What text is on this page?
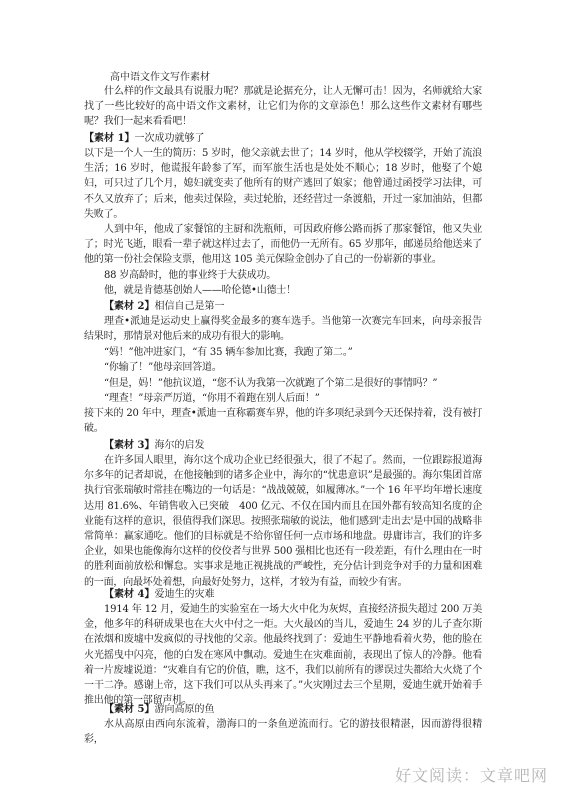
高中语文作文写作素材
什么样的作文最具有说服力呢？那就是论据充分，让人无懈可击！因为，名师就给大家找了一些比较好的高中语文作文素材，让它们为你的文章添色！那么这些作文素材有哪些呢？我们一起来看看吧！
【素材 1】一次成功就够了
以下是一个人一生的简历：5 岁时，他父亲就去世了；14 岁时，他从学校辍学，开始了流浪生活；16 岁时，他谎报年龄参了军，而军旅生活也是处处不顺心；18 岁时，他娶了个媳妇，可只过了几个月，媳妇就变卖了他所有的财产逃回了娘家；他曾通过函授学习法律，可不久又放弃了；后来，他卖过保险，卖过轮胎，还经营过一条渡船，开过一家加油站，但都失败了。
人到中年，他成了家餐馆的主厨和洗瓶师，可因政府修公路而拆了那家餐馆，他又失业了；时光飞逝，眼看一辈子就这样过去了，而他仍一无所有。65 岁那年，邮递员给他送来了他的第一份社会保险支票，他用这 105 美元保险金创办了自己的一份崭新的事业。
88 岁高龄时，他的事业终于大获成功。
他，就是肯德基创始人——哈伦德•山德士！
【素材 2】相信自己是第一
理查•派迪是运动史上赢得奖金最多的赛车选手。当他第一次赛完车回来，向母亲报告结果时，那情景对他后来的成功有很大的影响。
“妈！”他冲进家门，“有 35 辆车参加比赛，我跑了第二。”
“你输了！”他母亲回答道。
“但是，妈！”他抗议道，“您不认为我第一次就跑了个第二是很好的事情吗？”
“理查！”母亲严厉道，“你用不着跑在别人后面！”
接下来的 20 年中，理查•派迪一直称霸赛车界，他的许多项纪录到今天还保持着，没有被打破。
【素材 3】海尔的启发
在许多国人眼里，海尔这个成功企业已经很强大，很了不起了。然而，一位跟踪报道海尔多年的记者却说，在他接触到的诸多企业中，海尔的“忧患意识”是最强的。海尔集团首席执行官张瑞敏时常挂在嘴边的一句话是：“战战兢兢，如履薄冰。”一个 16 年平均年增长速度达用 81.6%、年销售收入已突破　400 亿元、不仅在国内而且在国外都有较高知名度的企业能有这样的意识，很值得我们深思。按照张瑞敏的说法，他们感到'走出去'是中国的战略非常简单：赢家通吃。他们的目标就是不给你留任何一点市场和地盘。毋庸讳言，我们的许多企业，如果也能像海尔这样的佼佼者与世界 500 强相比也还有一段差距，有什么理由在一时的胜利面前放松和懈怠。实事求是地正视挑战的严峻性，充分估计到竞争对手的力量和困难的一面，向最坏处着想，向最好处努力，这样，才较为有益，而较少有害。
【素材 4】爱迪生的灾难
1914 年 12 月，爱迪生的实验室在一场大火中化为灰烬，直接经济损失超过 200 万美金，他多年的科研成果也在大火中付之一炬。大火最凶的当儿，爱迪生 24 岁的儿子查尔斯在浓烟和废墟中发疯似的寻找他的父亲。他最终找到了：爱迪生平静地看着火势，他的脸在火光摇曳中闪亮，他的白发在寒风中飘动。爱迪生在灾难面前，表现出了惊人的冷静。他看着一片废墟说道：“灾难自有它的价值，瞧，这不，我们以前所有的谬误过失都给大火烧了个一干二净。感谢上帝，这下我们可以从头再来了。”火灾刚过去三个星期，爱迪生就开始着手推出他的第一部留声机。
【素材 5】游向高原的鱼
水从高原由西向东流着，渤海口的一条鱼逆流而行。它的游技很精湛，因而游得很精彩，
好文阅读：文章吧网
